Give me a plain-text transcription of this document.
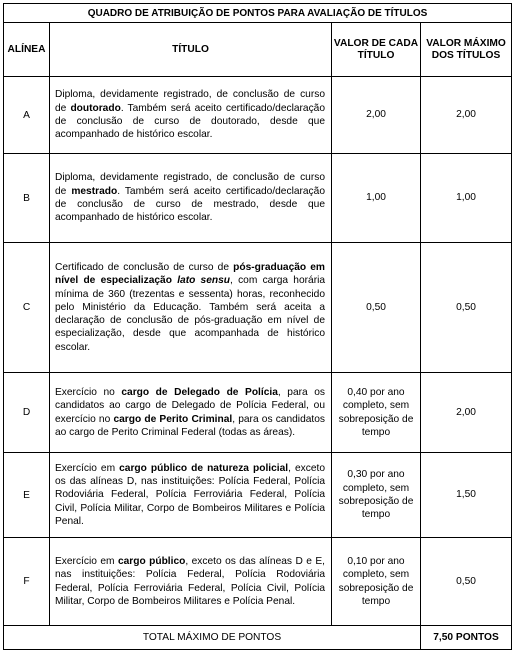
QUADRO DE ATRIBUIÇÃO DE PONTOS PARA AVALIAÇÃO DE TÍTULOS			
ALÍNEA	TÍTULO	VALOR DE CADA TÍTULO	VALOR MÁXIMO DOS TÍTULOS
A	Diploma, devidamente registrado, de conclusão de curso de doutorado. Também será aceito certificado/declaração de conclusão de curso de doutorado, desde que acompanhado de histórico escolar.	2,00	2,00
B	Diploma, devidamente registrado, de conclusão de curso de mestrado. Também será aceito certificado/declaração de conclusão de curso de mestrado, desde que acompanhado de histórico escolar.	1,00	1,00
C	Certificado de conclusão de curso de pós-graduação em nível de especialização lato sensu, com carga horária mínima de 360 (trezentas e sessenta) horas, reconhecido pelo Ministério da Educação. Também será aceita a declaração de conclusão de pós-graduação em nível de especialização, desde que acompanhada de histórico escolar.	0,50	0,50
D	Exercício no cargo de Delegado de Polícia, para os candidatos ao cargo de Delegado de Polícia Federal, ou exercício no cargo de Perito Criminal, para os candidatos ao cargo de Perito Criminal Federal (todas as áreas).	0,40 por ano completo, sem sobreposição de tempo	2,00
E	Exercício em cargo público de natureza policial, exceto os das alíneas D, nas instituições: Polícia Federal, Polícia Rodoviária Federal, Polícia Ferroviária Federal, Polícia Civil, Polícia Militar, Corpo de Bombeiros Militares e Polícia Penal.	0,30 por ano completo, sem sobreposição de tempo	1,50
F	Exercício em cargo público, exceto os das alíneas D e E, nas instituições: Polícia Federal, Polícia Rodoviária Federal, Polícia Ferroviária Federal, Polícia Civil, Polícia Militar, Corpo de Bombeiros Militares e Polícia Penal.	0,10 por ano completo, sem sobreposição de tempo	0,50
TOTAL MÁXIMO DE PONTOS			7,50 PONTOS
